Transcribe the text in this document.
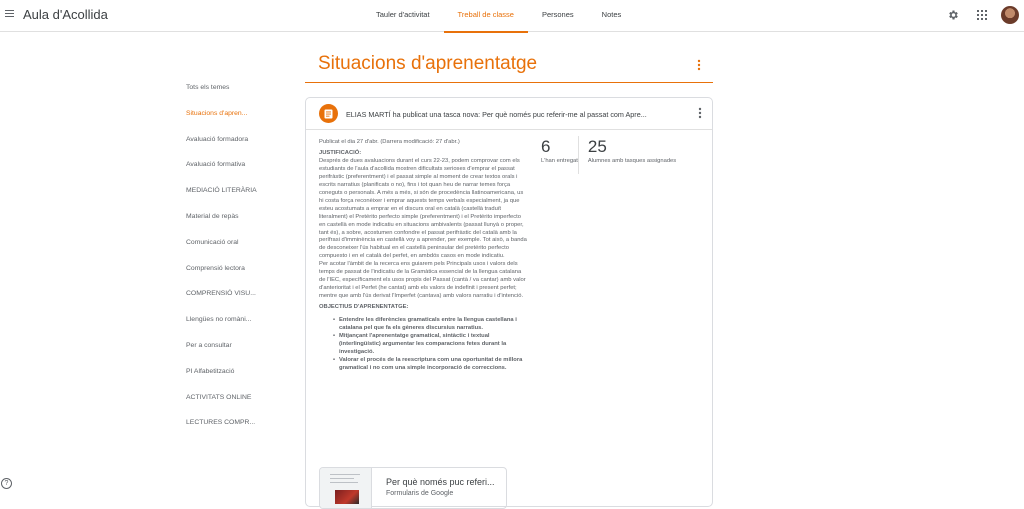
Aula d'Acollida	Tauler d'activitat	Treball de classe	Persones	Notes
Tots els temes
Situacions d'apren...
Avaluació formadora
Avaluació formativa
MEDIACIÓ LITERÀRIA
Material de repàs
Comunicació oral
Comprensió lectora
COMPRENSIÓ VISU...
Llengües no romàni...
Per a consultar
PI Alfabetització
ACTIVITATS ONLINE
LECTURES COMPR...
Situacions d'aprenentatge
ELIAS MARTÍ ha publicat una tasca nova: Per què només puc referir-me al passat com Apre...
Publicat el dia 27 d'abr. (Darrera modificació: 27 d'abr.)

JUSTIFICACIÓ:

Després de dues avaluacions durant el curs 22-23, podem comprovar com els estudiants de l'aula d'acollida mostren dificultats serioses d'emprar el passat perifràstic (preferentment) i el passat simple al moment de crear textos orals i escrits narratius (planificats o no), fins i tot quan heu de narrar temes força coneguts o personals. A més a més, si són de procedència llatinoamericana, us hi costa força reconèixer i emprar aquests temps verbals especialment, ja que esteu acostumats a emprar en el discurs oral en català (castellà traduït literalment) el Pretérito perfecto simple (preferentment) i el Pretérito imperfecto en castellà en mode indicatiu en situacions ambivalents (passat llunyà o proper, tant és), a sobre, acostumen confondre el passat perifràstic del català amb la perífrasi d'imminència en castellà voy a aprender, per exemple. Tot això, a banda de desconeixer l'ús habitual en el castellà peninsular del pretérito perfecto compuesto i en el català del perfet, en ambdós casos en mode indicatiu.

Per acotar l'àmbit de la recerca ens guiarem pels Principals usos i valors dels temps de passat de l'indicatiu de la Gramàtica essencial de la llengua catalana de l'IEC, específicament els usos propis del Passat (cantà / va cantar) amb valor d'anterioritat i el Perfet (he cantat) amb els valors de indefinit i present perfet; mentre que amb l'ús derivat l'Imperfet (cantava) amb valors narratiu i d'intenció.

OBJECTIUS D'APRENENTATGE:

• Entendre les diferències gramaticals entre la llengua castellana i catalana pel que fa els gèneres discursius narratius.
• Mitjançant l'aprenentatge gramatical, sintàctic i textual (interlingüístic) argumentar les comparacions fetes durant la investigació.
• Valorar el procés de la reescriptura com una oportunitat de millora gramatical i no com una simple incorporació de correccions.
6
L'han entregat
25
Alumnes amb tasques assignades
Per què només puc referi...
Formularis de Google
?
